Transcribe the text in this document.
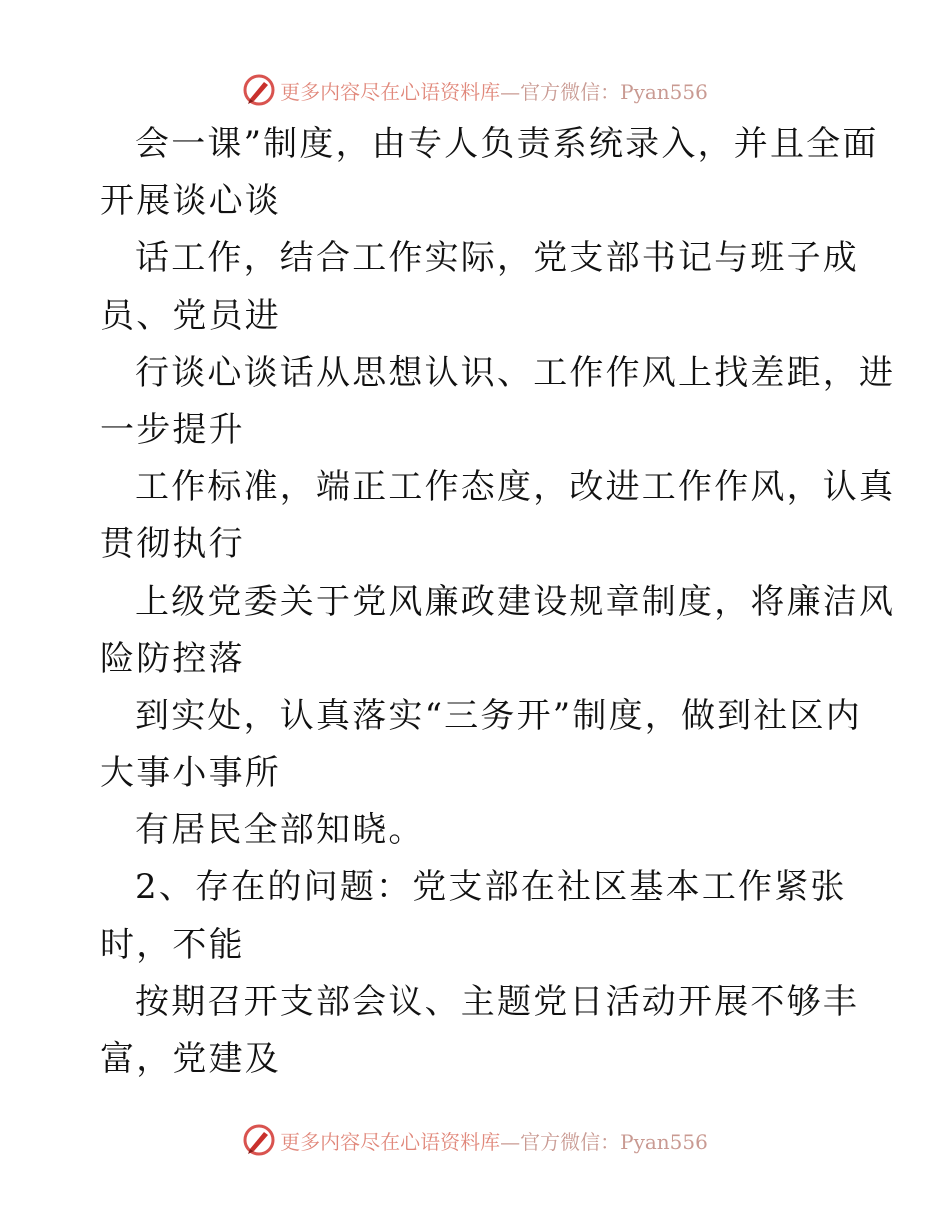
更多内容尽在心语资料库—官方微信：Pyan556
会一课”制度，由专人负责系统录入，并且全面
开展谈心谈
话工作，结合工作实际，党支部书记与班子成
员、党员进
行谈心谈话从思想认识、工作作风上找差距，进
一步提升
工作标准，端正工作态度，改进工作作风，认真
贯彻执行
上级党委关于党风廉政建设规章制度，将廉洁风
险防控落
到实处，认真落实“三务开”制度，做到社区内
大事小事所
有居民全部知晓。
2、存在的问题：党支部在社区基本工作紧张
时，不能
按期召开支部会议、主题党日活动开展不够丰
富，党建及
更多内容尽在心语资料库—官方微信：Pyan556
